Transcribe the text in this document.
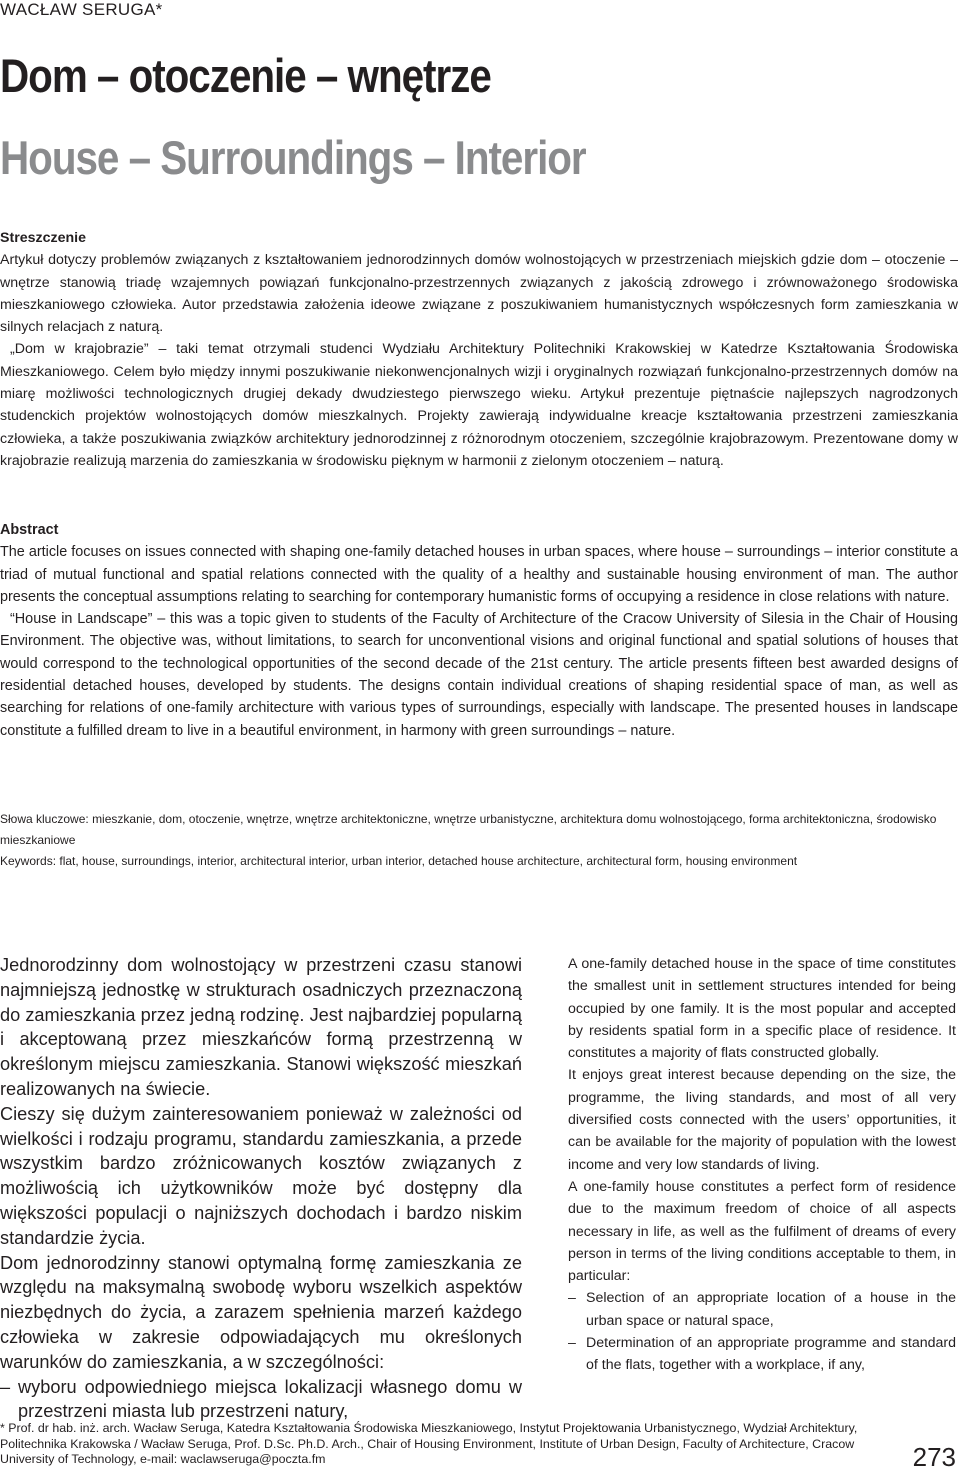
WACŁAW SERUGA*
Dom – otoczenie – wnętrze
House – Surroundings – Interior
Streszczenie

Artykuł dotyczy problemów związanych z kształtowaniem jednorodzinnych domów wolnostojących w przestrzeniach miejskich gdzie dom – otoczenie – wnętrze stanowią triadę wzajemnych powiązań funkcjonalno-przestrzennych związanych z jakością zdrowego i zrównoważonego środowiska mieszkaniowego człowieka. Autor przedstawia założenia ideowe związane z poszukiwaniem humanistycznych współczesnych form zamieszkania w silnych relacjach z naturą.

„Dom w krajobrazie” – taki temat otrzymali studenci Wydziału Architektury Politechniki Krakowskiej w Katedrze Kształtowania Środowiska Mieszkaniowego. Celem było między innymi poszukiwanie niekonwencjonalnych wizji i oryginalnych rozwiązań funkcjonalno-przestrzennych domów na miarę możliwości technologicznych drugiej dekady dwudziestego pierwszego wieku. Artykuł prezentuje piętnaście najlepszych nagrodzonych studenckich projektów wolnostojących domów mieszkalnych. Projekty zawierają indywidualne kreacje kształtowania przestrzeni zamieszkania człowieka, a także poszukiwania związków architektury jednorodzinnej z różnorodnym otoczeniem, szczególnie krajobrazowym. Prezentowane domy w krajobrazie realizują marzenia do zamieszkania w środowisku pięknym w harmonii z zielonym otoczeniem – naturą.

Abstract

The article focuses on issues connected with shaping one-family detached houses in urban spaces, where house – surroundings – interior constitute a triad of mutual functional and spatial relations connected with the quality of a healthy and sustainable housing environment of man. The author presents the conceptual assumptions relating to searching for contemporary humanistic forms of occupying a residence in close relations with nature.

“House in Landscape” – this was a topic given to students of the Faculty of Architecture of the Cracow University of Silesia in the Chair of Housing Environment. The objective was, without limitations, to search for unconventional visions and original functional and spatial solutions of houses that would correspond to the technological opportunities of the second decade of the 21st century. The article presents fifteen best awarded designs of residential detached houses, developed by students. The designs contain individual creations of shaping residential space of man, as well as searching for relations of one-family architecture with various types of surroundings, especially with landscape. The presented houses in landscape constitute a fulfilled dream to live in a beautiful environment, in harmony with green surroundings – nature.

Słowa kluczowe: mieszkanie, dom, otoczenie, wnętrze, wnętrze architektoniczne, wnętrze urbanistyczne, architektura domu wolnostojącego, forma architektoniczna, środowisko mieszkaniowe
Keywords: flat, house, surroundings, interior, architectural interior, urban interior, detached house architecture, architectural form, housing environment

Jednorodzinny dom wolnostojący w przestrzeni czasu stanowi najmniejszą jednostkę w strukturach osadniczych przeznaczoną do zamieszkania przez jedną rodzinę. Jest najbardziej popularną i akceptowaną przez mieszkańców formą przestrzenną w określonym miejscu zamieszkania. Stanowi większość mieszkań realizowanych na świecie.

Cieszy się dużym zainteresowaniem ponieważ w zależności od wielkości i rodzaju programu, standardu zamieszkania, a przede wszystkim bardzo zróżnicowanych kosztów związanych z możliwością ich użytkowników może być dostępny dla większości populacji o najniższych dochodach i bardzo niskim standardzie życia.

Dom jednorodzinny stanowi optymalną formę zamieszkania ze względu na maksymalną swobodę wyboru wszelkich aspektów niezbędnych do życia, a zarazem spełnienia marzeń każdego człowieka w zakresie odpowiadających mu określonych warunków do zamieszkania, a w szczególności:

– wyboru odpowiedniego miejsca lokalizacji własnego domu w przestrzeni miasta lub przestrzeni natury,

A one-family detached house in the space of time constitutes the smallest unit in settlement structures intended for being occupied by one family. It is the most popular and accepted by residents spatial form in a specific place of residence. It constitutes a majority of flats constructed globally.

It enjoys great interest because depending on the size, the programme, the living standards, and most of all very diversified costs connected with the users’ opportunities, it can be available for the majority of population with the lowest income and very low standards of living.

A one-family house constitutes a perfect form of residence due to the maximum freedom of choice of all aspects necessary in life, as well as the fulfilment of dreams of every person in terms of the living conditions acceptable to them, in particular:

– Selection of an appropriate location of a house in the urban space or natural space,
– Determination of an appropriate programme and standard of the flats, together with a workplace, if any,
* Prof. dr hab. inż. arch. Wacław Seruga, Katedra Kształtowania Środowiska Mieszkaniowego, Instytut Projektowania Urbanistycznego, Wydział Architektury, Politechnika Krakowska / Wacław Seruga, Prof. D.Sc. Ph.D. Arch., Chair of Housing Environment, Institute of Urban Design, Faculty of Architecture, Cracow University of Technology, e-mail: waclawseruga@poczta.fm	273
